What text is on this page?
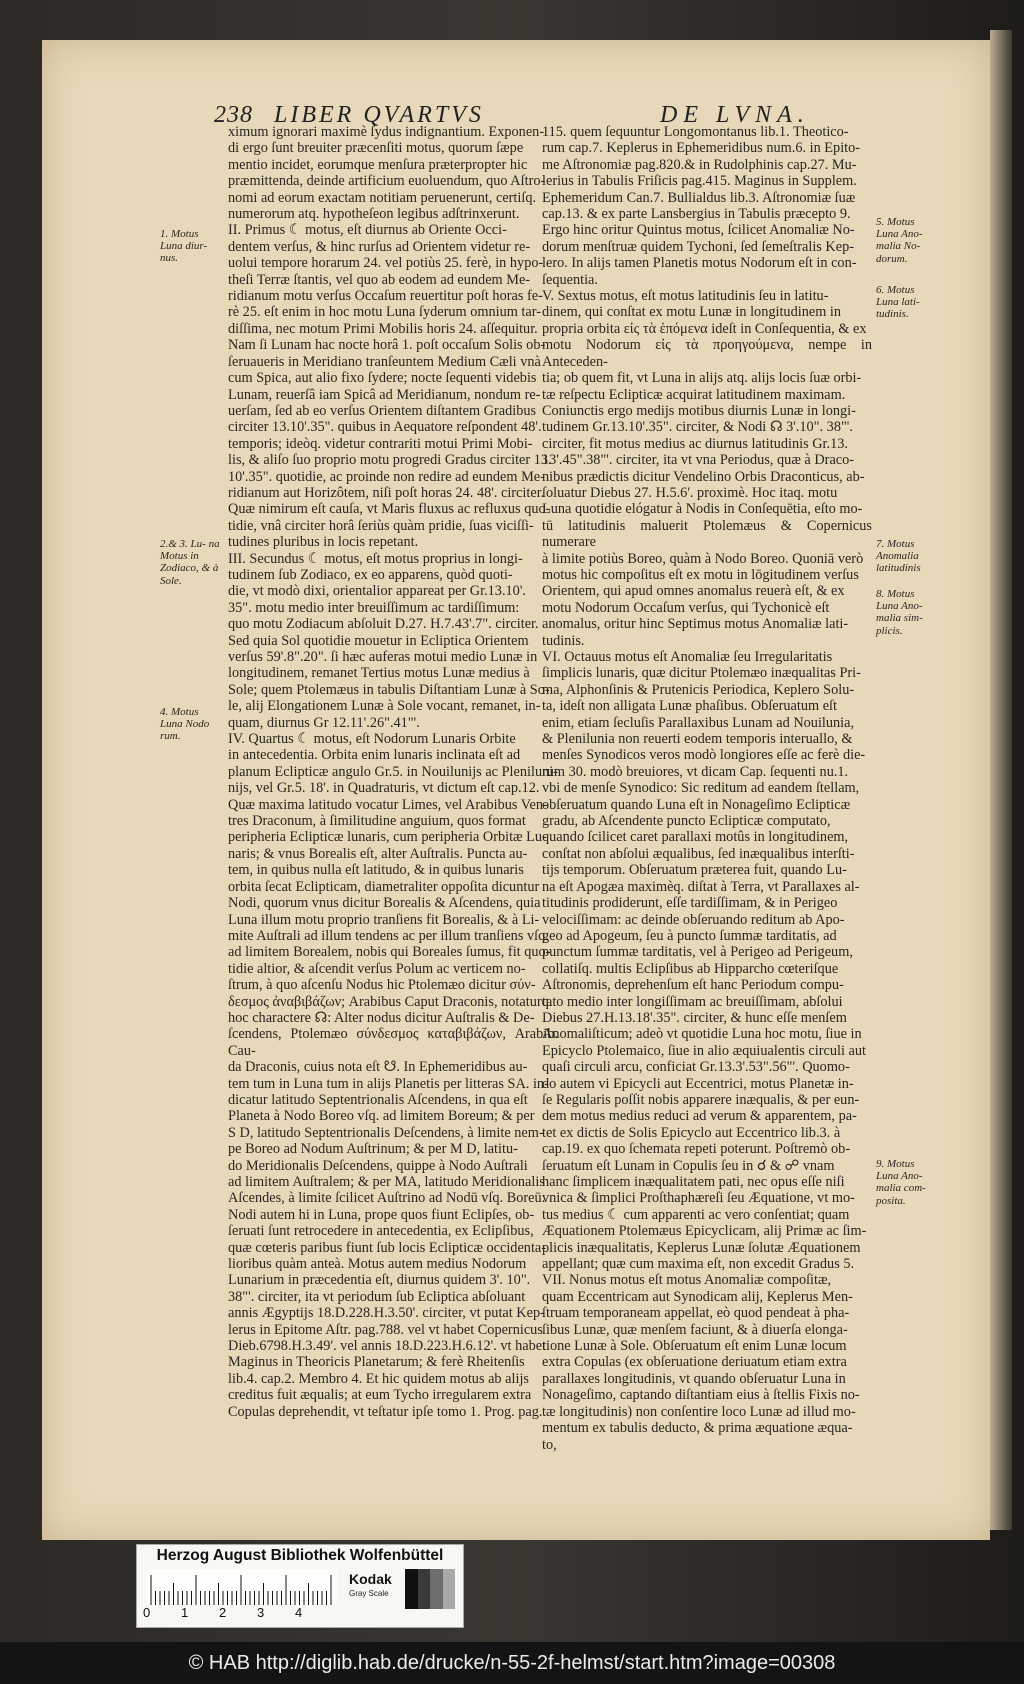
238 LIBER QVARTVS	DE LVNA.

ximum ignorari maximè ſydus indignantium. Exponen-

di ergo ſunt breuiter præcenſiti motus, quorum ſæpe

mentio incidet, eorumque menſura præterpropter hic

præmittenda, deinde artificium euoluendum, quo Aſtro-

nomi ad eorum exactam notitiam peruenerunt, certiſq.

numerorum atq. hypotheſeon legibus adſtrinxerunt.

II. Primus ☾ motus, eſt diurnus ab Oriente Occi-

dentem verſus, & hinc rurſus ad Orientem videtur re-

uolui tempore horarum 24. vel potiùs 25. ferè, in hypo-

theſi Terræ ſtantis, vel quo ab eodem ad eundem Me-

ridianum motu verſus Occaſum reuertitur poſt horas fe-

rè 25. eſt enim in hoc motu Luna ſyderum omnium tar-

diſſima, nec motum Primi Mobilis horis 24. aſſequitur.

Nam ſi Lunam hac nocte horâ 1. poſt occaſum Solis ob-

ſeruaueris in Meridiano tranſeuntem Medium Cæli vnà

cum Spica, aut alio fixo ſydere; nocte ſequenti videbis

Lunam, reuerſâ iam Spicâ ad Meridianum, nondum re-

uerſam, ſed ab eo verſus Orientem diſtantem Gradibus

circiter 13.10'.35". quibus in Aequatore reſpondent 48'.

temporis; ideòq. videtur contrariti motui Primi Mobi-

lis, & aliſo ſuo proprio motu progredi Gradus circiter 13.

10'.35". quotidie, ac proinde non redire ad eundem Me-

ridianum aut Horizôtem, niſi poſt horas 24. 48'. circiter.

Quæ nimirum eſt cauſa, vt Maris fluxus ac refluxus quo-

tidie, vnâ circiter horâ ſeriùs quàm pridie, ſuas viciſſi-

tudines pluribus in locis repetant.

III. Secundus ☾ motus, eſt motus proprius in longi-

tudinem ſub Zodiaco, ex eo apparens, quòd quoti-

die, vt modò dixi, orientalior appareat per Gr.13.10'.

35". motu medio inter breuiſſimum ac tardiſſimum:

quo motu Zodiacum abſoluit D.27. H.7.43'.7". circiter.

Sed quia Sol quotidie mouetur in Ecliptica Orientem

verſus 59'.8".20". ſi hæc auferas motui medio Lunæ in

longitudinem, remanet Tertius motus Lunæ medius à

Sole; quem Ptolemæus in tabulis Diſtantiam Lunæ à So-

le, alij Elongationem Lunæ à Sole vocant, remanet, in-

quam, diurnus Gr 12.11'.26".41"'.

IV. Quartus ☾ motus, eſt Nodorum Lunaris Orbite

in antecedentia. Orbita enim lunaris inclinata eſt ad

planum Eclipticæ angulo Gr.5. in Nouilunijs ac Pleniluni-

nijs, vel Gr.5. 18'. in Quadraturis, vt dictum eſt cap.12.

Quæ maxima latitudo vocatur Limes, vel Arabibus Ven-

tres Draconum, à ſimilitudine anguium, quos format

peripheria Eclipticæ lunaris, cum peripheria Orbitæ Lu-

naris; & vnus Borealis eſt, alter Auſtralis. Puncta au-

tem, in quibus nulla eſt latitudo, & in quibus lunaris

orbita ſecat Eclipticam, diametraliter oppoſita dicuntur

Nodi, quorum vnus dicitur Borealis & Aſcendens, quia

Luna illum motu proprio tranſiens fit Borealis, & à Li-

mite Auſtrali ad illum tendens ac per illum tranſiens vſq.

ad limitem Borealem, nobis qui Boreales ſumus, fit quo-

tidie altior, & aſcendit verſus Polum ac verticem no-

ſtrum, à quo aſcenſu Nodus hic Ptolemæo dicitur σύν-

δεσμος ἀναβιβάζων; Arabibus Caput Draconis, notaturq.

hoc charactere ☊: Alter nodus dicitur Auſtralis & De-

ſcendens, Ptolemæo σύνδεσμος καταβιβάζων, Arabib. Cau-

da Draconis, cuius nota eſt ☋. In Ephemeridibus au-

tem tum in Luna tum in alijs Planetis per litteras SA. in-

dicatur latitudo Septentrionalis Aſcendens, in qua eſt

Planeta à Nodo Boreo vſq. ad limitem Boreum; & per

S D, latitudo Septentrionalis Deſcendens, à limite nem-

pe Boreo ad Nodum Auſtrinum; & per M D, latitu-

do Meridionalis Deſcendens, quippe à Nodo Auſtrali

ad limitem Auſtralem; & per MA, latitudo Meridionalis

Aſcendes, à limite ſcilicet Auſtrino ad Nodū vſq. Boreū.

Nodi autem hi in Luna, prope quos fiunt Eclipſes, ob-

ſeruati ſunt retrocedere in antecedentia, ex Eclipſibus,

quæ cœteris paribus fiunt ſub locis Eclipticæ occidenta-

lioribus quàm anteà. Motus autem medius Nodorum

Lunarium in præcedentia eſt, diurnus quidem 3'. 10".

38"'. circiter, ita vt periodum ſub Ecliptica abſoluant

annis Ægyptijs 18.D.228.H.3.50'. circiter, vt putat Kep-

lerus in Epitome Aſtr. pag.788. vel vt habet Copernicus

Dieb.6798.H.3.49'. vel annis 18.D.223.H.6.12'. vt habet

Maginus in Theoricis Planetarum; & ferè Rheitenſis

lib.4. cap.2. Membro 4. Et hic quidem motus ab alijs

creditus fuit æqualis; at eum Tycho irregularem extra

Copulas deprehendit, vt teſtatur ipſe tomo 1. Prog. pag.

115. quem ſequuntur Longomontanus lib.1. Theotico-

rum cap.7. Keplerus in Ephemeridibus num.6. in Epito-

me Aſtronomiæ pag.820.& in Rudolphinis cap.27. Mu-

lerius in Tabulis Friſicis pag.415. Maginus in Supplem.

Ephemeridum Can.7. Bullialdus lib.3. Aſtronomiæ ſuæ

cap.13. & ex parte Lansbergius in Tabulis præcepto 9.

Ergo hinc oritur Quintus motus, ſcilicet Anomaliæ No-

dorum menſtruæ quidem Tychoni, ſed ſemeſtralis Kep-

lero. In alijs tamen Planetis motus Nodorum eſt in con-

ſequentia.

V. Sextus motus, eſt motus latitudinis ſeu in latitu-

dinem, qui conſtat ex motu Lunæ in longitudinem in

propria orbita εἰς τὰ ἑπόμενα ideſt in Conſequentia, & ex

motu Nodorum εἰς τὰ προηγούμενα, nempe in Anteceden-

tia; ob quem fit, vt Luna in alijs atq. alijs locis ſuæ orbi-

tæ reſpectu Eclipticæ acquirat latitudinem maximam.

Coniunctis ergo medijs motibus diurnis Lunæ in longi-

tudinem Gr.13.10'.35". circiter, & Nodi ☊ 3'.10". 38"'.

circiter, fit motus medius ac diurnus latitudinis Gr.13.

13'.45".38"'. circiter, ita vt vna Periodus, quæ à Draco-

nibus prædictis dicitur Vendelino Orbis Draconticus, ab-

ſoluatur Diebus 27. H.5.6'. proximè. Hoc itaq. motu

Luna quotidie elógatur à Nodis in Conſequētia, eſto mo-

tū latitudinis maluerit Ptolemæus & Copernicus numerare

à limite potiùs Boreo, quàm à Nodo Boreo. Quoniā verò

motus hic compoſitus eſt ex motu in lōgitudinem verſus

Orientem, qui apud omnes anomalus reuerà eſt, & ex

motu Nodorum Occaſum verſus, qui Tychonicè eſt

anomalus, oritur hinc Septimus motus Anomaliæ lati-

tudinis.

VI. Octauus motus eſt Anomaliæ ſeu Irregularitatis

ſimplicis lunaris, quæ dicitur Ptolemæo inæqualitas Pri-

ma, Alphonſinis & Prutenicis Periodica, Keplero Solu-

ta, ideſt non alligata Lunæ phaſibus. Obſeruatum eſt

enim, etiam ſecluſis Parallaxibus Lunam ad Nouilunia,

& Plenilunia non reuerti eodem temporis interuallo, &

menſes Synodicos veros modò longiores eſſe ac ferè die-

rum 30. modò breuiores, vt dicam Cap. ſequenti nu.1.

vbi de menſe Synodico: Sic reditum ad eandem ſtellam,

obſeruatum quando Luna eſt in Nonageſimo Eclipticæ

gradu, ab Aſcendente puncto Eclipticæ computato,

quando ſcilicet caret parallaxi motûs in longitudinem,

conſtat non abſolui æqualibus, ſed inæqualibus interſti-

tijs temporum. Obſeruatum præterea fuit, quando Lu-

na eſt Apogæa maximèq. diſtat à Terra, vt Parallaxes al-

titudinis prodiderunt, eſſe tardiſſimam, & in Perigeo

velociſſimam: ac deinde obſeruando reditum ab Apo-

geo ad Apogeum, ſeu à puncto ſummæ tarditatis, ad

punctum ſummæ tarditatis, vel à Perigeo ad Perigeum,

collatiſq. multis Eclipſibus ab Hipparcho cœteriſque

Aſtronomis, deprehenſum eſt hanc Periodum compu-

tato medio inter longiſſimam ac breuiſſimam, abſolui

Diebus 27.H.13.18'.35". circiter, & hunc eſſe menſem

Anomaliſticum; adeò vt quotidie Luna hoc motu, ſiue in

Epicyclo Ptolemaico, ſiue in alio æquiualentis circuli aut

quaſi circuli arcu, conficiat Gr.13.3'.53".56"'. Quomo-

do autem vi Epicycli aut Eccentrici, motus Planetæ in-

ſe Regularis poſſit nobis apparere inæqualis, & per eun-

dem motus medius reduci ad verum & apparentem, pa-

tet ex dictis de Solis Epicyclo aut Eccentrico lib.3. à

cap.19. ex quo ſchemata repeti poterunt. Poſtremò ob-

ſeruatum eſt Lunam in Copulis ſeu in ☌ & ☍ vnam

hanc ſimplicem inæqualitatem pati, nec opus eſſe niſi

vnica & ſimplici Proſthaphæreſi ſeu Æquatione, vt mo-

tus medius ☾ cum apparenti ac vero conſentiat; quam

Æquationem Ptolemæus Epicyclicam, alij Primæ ac ſim-

plicis inæqualitatis, Keplerus Lunæ ſolutæ Æquationem

appellant; quæ cum maxima eſt, non excedit Gradus 5.

VII. Nonus motus eſt motus Anomaliæ compoſitæ,

quam Eccentricam aut Synodicam alij, Keplerus Men-

ſtruam temporaneam appellat, eò quod pendeat à pha-

ſibus Lunæ, quæ menſem faciunt, & à diuerſa elonga-

tione Lunæ à Sole. Obſeruatum eſt enim Lunæ locum

extra Copulas (ex obſeruatione deriuatum etiam extra

parallaxes longitudinis, vt quando obſeruatur Luna in

Nonageſimo, captando diſtantiam eius à ſtellis Fixis no-

tæ longitudinis) non conſentire loco Lunæ ad illud mo-

mentum ex tabulis deducto, & prima æquatione æqua-

to,

1. Motus Luna diur- nus.
2.& 3. Lu- na Motus in Zodiaco, & à Sole.
4. Motus Luna Nodo rum.
5. Motus Luna Ano- malia No- dorum.
6. Motus Luna lati- tudinis.
7. Motus Anomalia latitudinis
8. Motus Luna Ano- malia sim- plicis.
9. Motus Luna Ano- malia com- posita.
Herzog August Bibliothek Wolfenbüttel
Kodak
Gray Scale
0 1 2 3 4
© HAB http://diglib.hab.de/drucke/n-55-2f-helmst/start.htm?image=00308
